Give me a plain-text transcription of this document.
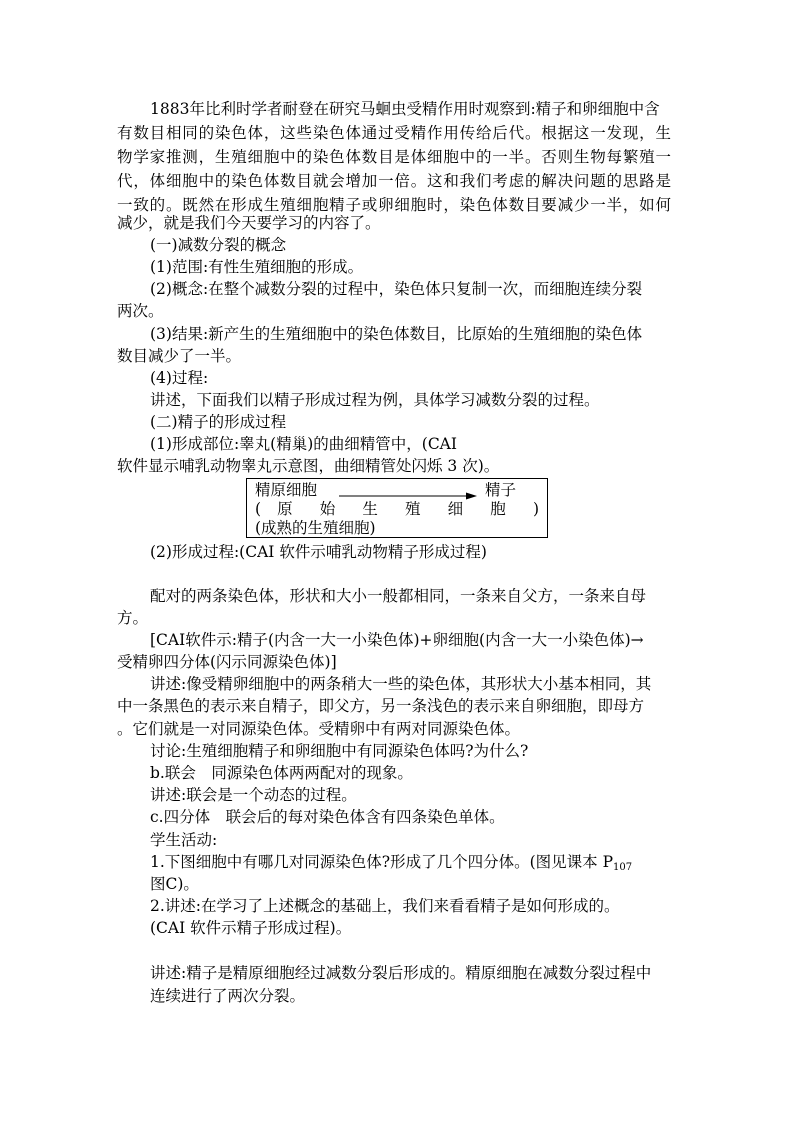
1883年比利时学者耐登在研究马蛔虫受精作用时观察到:精子和卵细胞中含
有数目相同的染色体，这些染色体通过受精作用传给后代。根据这一发现，生
物学家推测，生殖细胞中的染色体数目是体细胞中的一半。否则生物每繁殖一
代，体细胞中的染色体数目就会增加一倍。这和我们考虑的解决问题的思路是
一致的。既然在形成生殖细胞精子或卵细胞时，染色体数目要减少一半，如何
减少，就是我们今天要学习的内容了。
(一)减数分裂的概念
(1)范围:有性生殖细胞的形成。
(2)概念:在整个减数分裂的过程中，染色体只复制一次，而细胞连续分裂
两次。
(3)结果:新产生的生殖细胞中的染色体数目，比原始的生殖细胞的染色体
数目减少了一半。
(4)过程:
讲述，下面我们以精子形成过程为例，具体学习减数分裂的过程。
(二)精子的形成过程
(1)形成部位:睾丸(精巢)的曲细精管中，(CAI
软件显示哺乳动物睾丸示意图，曲细精管处闪烁 3 次)。
精原细胞	精子
( 原 始 生 殖 细 胞 )
(成熟的生殖细胞)
(2)形成过程:(CAI 软件示哺乳动物精子形成过程)
配对的两条染色体，形状和大小一般都相同，一条来自父方，一条来自母
方。
[CAI软件示:精子(内含一大一小染色体)+卵细胞(内含一大一小染色体)→
受精卵四分体(闪示同源染色体)]
讲述:像受精卵细胞中的两条稍大一些的染色体，其形状大小基本相同，其
中一条黑色的表示来自精子，即父方，另一条浅色的表示来自卵细胞，即母方
。它们就是一对同源染色体。受精卵中有两对同源染色体。
讨论:生殖细胞精子和卵细胞中有同源染色体吗?为什么?
b.联会　同源染色体两两配对的现象。
讲述:联会是一个动态的过程。
c.四分体　联会后的每对染色体含有四条染色单体。
学生活动:
1.下图细胞中有哪几对同源染色体?形成了几个四分体。(图见课本 $P_{107}$
图C)。
2.讲述:在学习了上述概念的基础上，我们来看看精子是如何形成的。
(CAI 软件示精子形成过程)。
讲述:精子是精原细胞经过减数分裂后形成的。精原细胞在减数分裂过程中
连续进行了两次分裂。
